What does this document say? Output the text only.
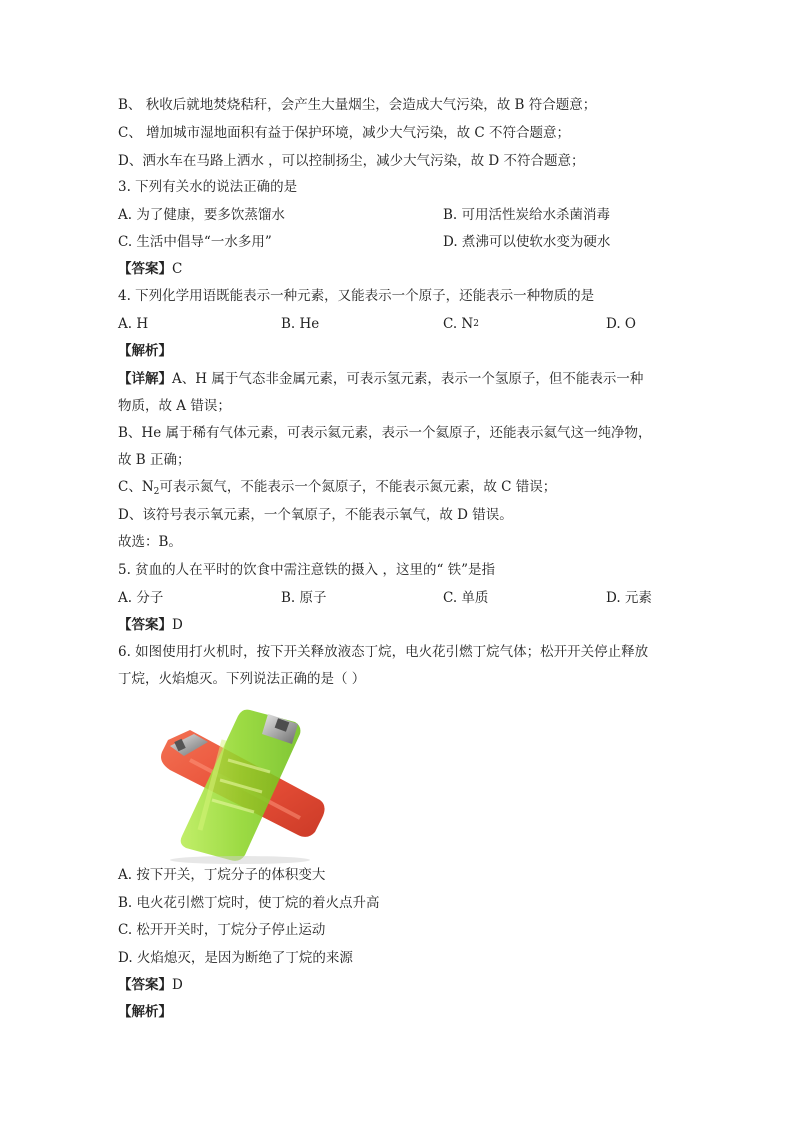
B、 秋收后就地焚烧秸秆，会产生大量烟尘，会造成大气污染，故 B 符合题意；
C、 增加城市湿地面积有益于保护环境，减少大气污染，故 C 不符合题意；
D、洒水车在马路上洒水 ，可以控制扬尘，减少大气污染，故 D 不符合题意；
3. 下列有关水的说法正确的是
A. 为了健康，要多饮蒸馏水	B. 可用活性炭给水杀菌消毒
C. 生活中倡导“一水多用”	D. 煮沸可以使软水变为硬水
【答案】C
4. 下列化学用语既能表示一种元素，又能表示一个原子，还能表示一种物质的是
A. H	B. He	C. N 2	D. O
【解析】
【详解】A、H 属于气态非金属元素，可表示氢元素，表示一个氢原子，但不能表示一种
物质，故 A 错误；
B、He 属于稀有气体元素，可表示氦元素，表示一个氦原子，还能表示氦气这一纯净物，
故 B 正确；
C、$N_2$可表示氮气，不能表示一个氮原子，不能表示氮元素，故 C 错误；
D、该符号表示氧元素，一个氧原子，不能表示氧气，故 D 错误。
故选：B。
5. 贫血的人在平时的饮食中需注意铁的摄入 ，这里的“ 铁”是指
A. 分子	B. 原子	C. 单质	D. 元素
【答案】D
6. 如图使用打火机时，按下开关释放液态丁烷，电火花引燃丁烷气体；松开开关停止释放
丁烷，火焰熄灭。下列说法正确的是（ ）
A. 按下开关，丁烷分子的体积变大
B. 电火花引燃丁烷时，使丁烷的着火点升高
C. 松开开关时，丁烷分子停止运动
D. 火焰熄灭，是因为断绝了丁烷的来源
【答案】D
【解析】
